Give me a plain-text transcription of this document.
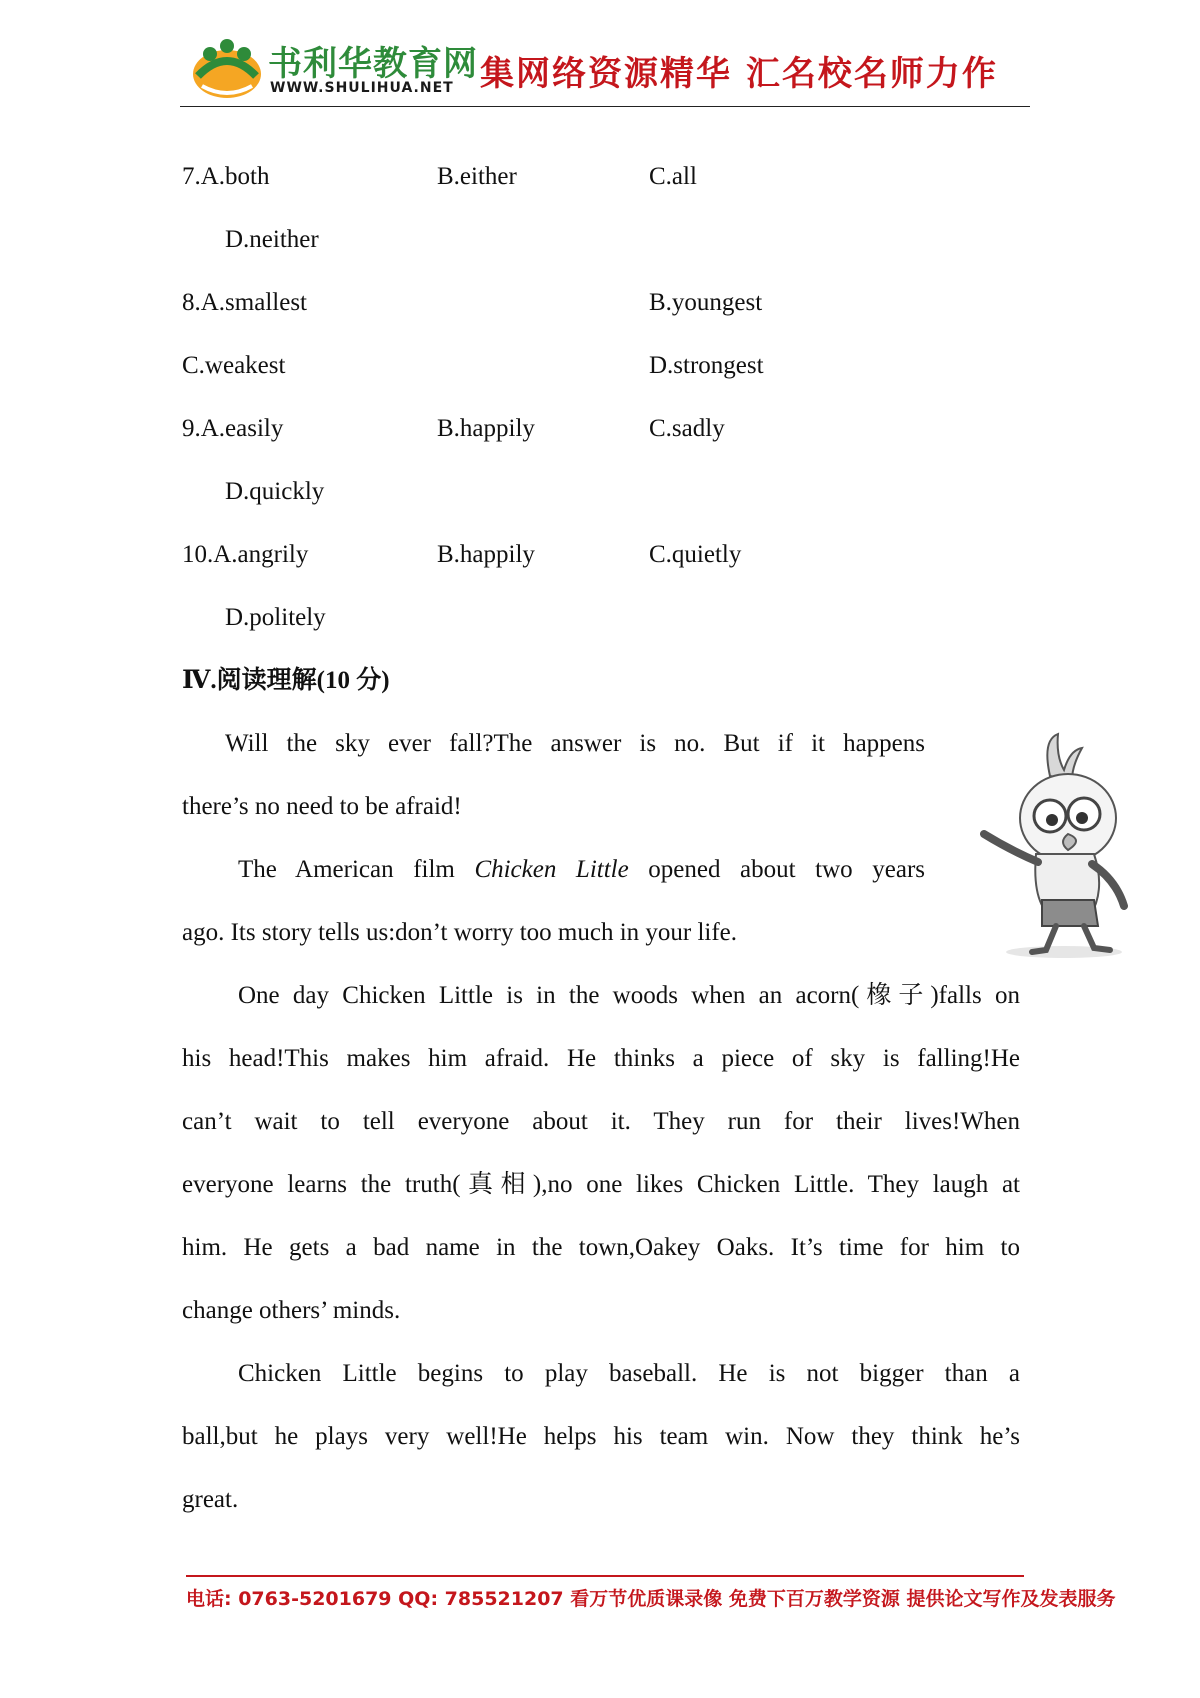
书利华教育网
WWW.SHULIHUA.NET 集网络资源精华 汇名校名师力作
7.A.both	B.either	C.all
D.neither
8.A.smallest	B.youngest
C.weakest	D.strongest
9.A.easily	B.happily	C.sadly
D.quickly
10.A.angrily	B.happily	C.quietly
D.politely
Ⅳ.阅读理解(10 分)
Will the sky ever fall?The answer is no. But if it happens
there’s no need to be afraid!
The American film Chicken Little opened about two years
ago. Its story tells us:don’t worry too much in your life.
One day Chicken Little is in the woods when an acorn(橡子)falls on
his head!This makes him afraid. He thinks a piece of sky is falling!He
can’t wait to tell everyone about it. They run for their lives!When
everyone learns the truth(真相),no one likes Chicken Little. They laugh at
him. He gets a bad name in the town,Oakey Oaks. It’s time for him to
change others’ minds.
Chicken Little begins to play baseball. He is not bigger than a
ball,but he plays very well!He helps his team win. Now they think he’s
great.
电话: 0763-5201679 QQ: 785521207 看万节优质课录像 免费下百万教学资源 提供论文写作及发表服务
